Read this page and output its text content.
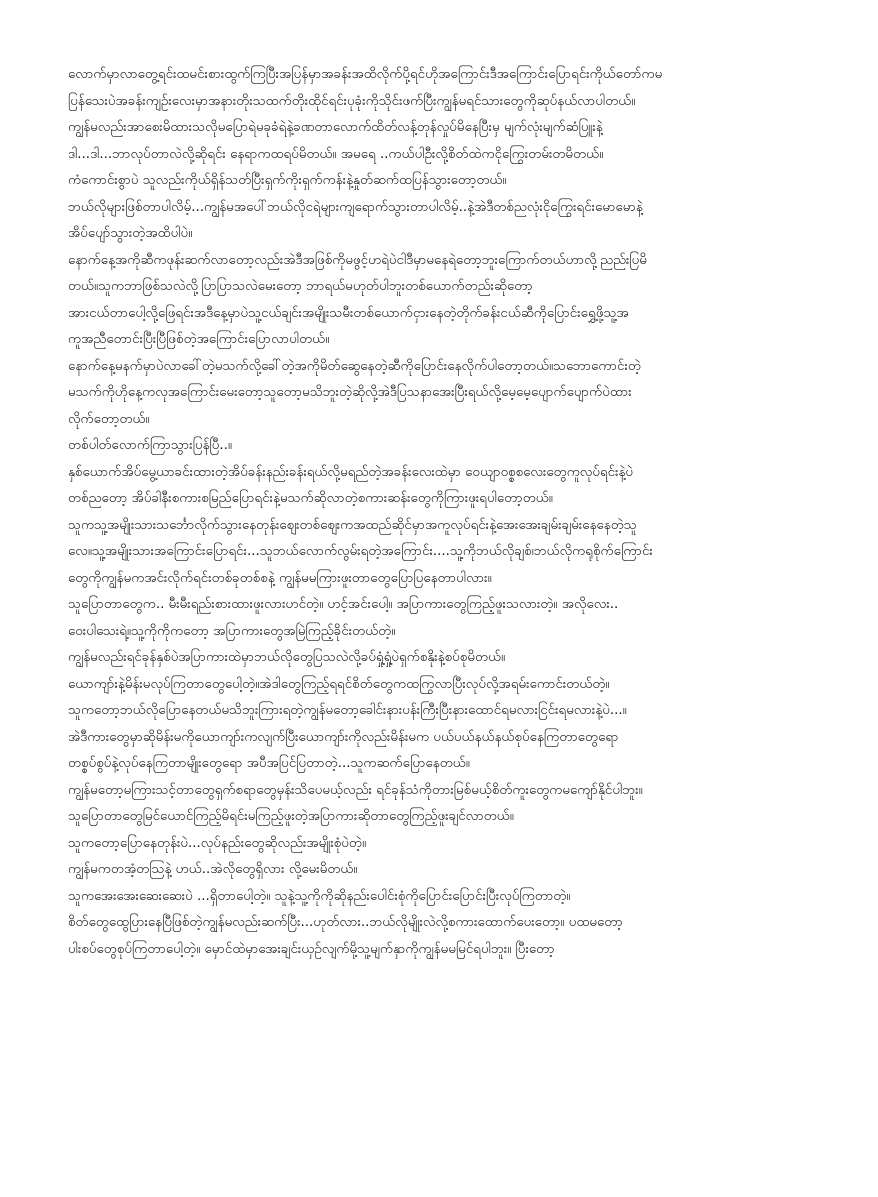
လောက်မှာလာတွေ့ရင်းထမင်းစားထွက်ကြပြီးအပြန်မှာအခန်းအထိလိုက်ပို့ရင်ဟိုအကြောင်းဒီအကြောင်းပြောရင်းကိုယ်တော်ကမ
ပြန်သေးပဲအခန်းကျဉ်းလေးမှာအနားတိုးသထက်တိုးထိုင်ရင်းပုခုံးကိုသိုင်းဖက်ပြီးကျွန်မရင်သားတွေကိုဆုပ်နယ်လာပါတယ်။
ကျွန်မလည်းအာစေးမိထားသလိုမပြောရဲမခုခံရဲနဲ့ခဏတာလောက်ထိတ်လန့်တုန်လှုပ်မိနေပြီးမှ မျက်လုံးမျက်ဆံပြူးနဲ့
ဒါ...ဒါ...ဘာလုပ်တာလဲလို့ဆိုရင်း နေရာကထရပ်မိတယ်။ အမရေ ..ကယ်ပါဦးလို့စိတ်ထဲကငိုကြွေးတမ်းတမိတယ်။
ကံကောင်းစွာပဲ သူလည်းကိုယ်ရှိန်သတ်ပြီးရှက်ကိုးရှက်ကန်းနဲ့နှုတ်ဆက်ထပြန်သွားတော့တယ်။
ဘယ်လိုများဖြစ်တာပါလိမ့်...ကျွန်မအပေါ်ဘယ်လိုငရဲများကျရောက်သွားတာပါလိမ့်..နဲ့အဲဒီတစ်ညလုံးငိုကြွေးရင်းမောမောနဲ့
အိပ်ပျော်သွားတဲ့အထိပါပဲ။
နောက်နေ့အကိုဆီကဖုန်းဆက်လာတော့လည်းအဲဒီအဖြစ်ကိုမဖွင့်ဟရဲပဲငါဒီမှာမနေရဲတော့ဘူးကြောက်တယ်ဟာလို့ညည်းပြမိ
တယ်။သူကဘာဖြစ်သလဲလို့ပြာပြာသလဲမေးတော့ ဘာရယ်မဟုတ်ပါဘူးတစ်ယောက်တည်းဆိုတော့
အားငယ်တာပေါ့လို့ဖြေရင်းအဒီနေ့မှာပဲသူ့ငယ်ချင်းအမျိုးသမီးတစ်ယောက်ငှားနေတဲ့တိုက်ခန်းငယ်ဆီကိုပြောင်းရွှေ့ဖို့သူ့အ
ကူအညီတောင်းပြီးပြီဖြစ်တဲ့အကြောင်းပြောလာပါတယ်။
နောက်နေ့မနက်မှာပဲလာခေါ်တဲ့မသက်လို့ခေါ်တဲ့အကိုမိတ်ဆွေနေတဲ့ဆီကိုပြောင်းနေလိုက်ပါတော့တယ်။သဘောကောင်းတဲ့
မသက်ကိုဟိုနေ့ကလုအကြောင်းမေးတော့သူတော့မသိဘူးတဲ့ဆိုလို့အဲဒီပြသနာအေးပြီးရယ်လို့မေ့မေ့ပျောက်ပျောက်ပဲထား
လိုက်တော့တယ်။
တစ်ပါတ်လောက်ကြာသွားပြန်ပြီ..။
နှစ်ယောက်အိပ်မွေ့ယာခင်းထားတဲ့အိပ်ခန်းနည်းခန်းရယ်လို့မရည်တဲ့အခန်းလေးထဲမှာ ဝေယျာဝစ္စစလေးတွေကူလုပ်ရင်းနဲ့ပဲ
တစ်ညတော့ အိပ်ခါနီးစကားစမြည်ပြောရင်းနဲ့မသက်ဆိုလာတဲ့စကားဆန်းတွေကိုကြားဖူးရပါတော့တယ်။
သူကသူ့အမျိုးသားသင်္ဘောလိုက်သွားနေတုန်းဈေးတစ်ဈေးကအထည်ဆိုင်မှာအကူလုပ်ရင်းနဲ့အေးအေးချမ်းချမ်းနေနေတဲ့သူ
လေ။သူ့အမျိုးသားအကြောင်းပြောရင်း...သူဘယ်လောက်လွမ်းရတဲ့အကြောင်း....သူ့ကိုဘယ်လိုချစ်၊ဘယ်လိုကရုစိုက်ကြောင်း
တွေကိုကျွန်မကအင်းလိုက်ရင်းတစ်ခုတစ်စနဲ့ ကျွန်မမကြားဖူးတာတွေပြောပြနေတာပါလား။
သူပြောတာတွေက.. မီးမီးရည်းစားထားဖူးလားဟင်တဲ့။ ဟင့်အင်းပေါ့။ အပြာကားတွေကြည့်ဖူးသလားတဲ့။ အလိုလေး..
ဝေးပါသေးရဲ့။သူ့ကိုကိုကတော့ အပြာကားတွေအမြဲကြည့်ခိုင်းတယ်တဲ့။
ကျွန်မလည်းရင်ခုန်နှစ်ပဲအပြာကားထဲမှာဘယ်လိုတွေပြသလဲလို့ခပ်ရှုံ့ရှုံ့ပဲရှက်စနိုးနဲ့စပ်စုမိတယ်။
ယောကျာ်းနဲ့မိန်းမလုပ်ကြတာတွေပေါ့တဲ့။အဲဒါတွေကြည့်ရရင်စိတ်တွေကထကြွလာပြီးလုပ်လို့အရမ်းကောင်းတယ်တဲ့။
သူကတော့ဘယ်လိုပြောနေတယ်မသိဘူးကြားရတဲ့ကျွန်မတော့ခေါင်းနားပန်းကြီးပြီးနားထောင်ရမလားငြင်းရမလားနဲ့ပဲ...။
အဲဒီကားတွေမှာဆိုမိန်းမကိုယောကျာ်းကလျက်ပြီးယောကျာ်းကိုလည်းမိန်းမက ပယ်ပယ်နယ်နယ်စုပ်နေကြတာတွေရော
တစ္စပ်စွပ်နဲ့လုပ်နေကြတာမျိုးတွေရော အပီအပြင်ပြတာတဲ့...သူကဆက်ပြောနေတယ်။
ကျွန်မတော့မကြားသင့်တာတွေရှက်စရာတွေမှန်းသိပေမယ့်လည်း ရင်ခုန်သံကိုတားမြစ်မယ့်စိတ်ကူးတွေကမကျော်နိုင်ပါဘူး။
သူပြောတာတွေမြင်ယောင်ကြည့်မိရင်းမကြည့်ဖူးတဲ့အပြာကားဆိုတာတွေကြည့်ဖူးချင်လာတယ်။
သူကတော့ပြောနေတုန်းပဲ...လုပ်နည်းတွေဆိုလည်းအမျိုးစုံပဲတဲ့။
ကျွန်မကတအံ့တသြနဲ့ ဟယ်..အဲလိုတွေရှိလား လို့မေးမိတယ်။
သူကအေးအေးဆေးဆေးပဲ ...ရှိတာပေါ့တဲ့။ သူနဲ့သူ့ကိုကိုဆိုနည်းပေါင်းစုံကိုပြောင်းပြောင်းပြီးလုပ်ကြတာတဲ့။
စိတ်တွေထွေပြားနေပြီဖြစ်တဲ့ကျွန်မလည်းဆက်ပြီး...ဟုတ်လား..ဘယ်လိုမျိုးလဲလို့စကားထောက်ပေးတော့။ ပထမတော့
ပါးစပ်တွေစုပ်ကြတာပေါ့တဲ့။ မှောင်ထဲမှာအေးချင်းယှဉ်လျက်မို့သူ့မျက်နှာကိုကျွန်မမမြင်ရပါဘူး။ ပြီးတော့
